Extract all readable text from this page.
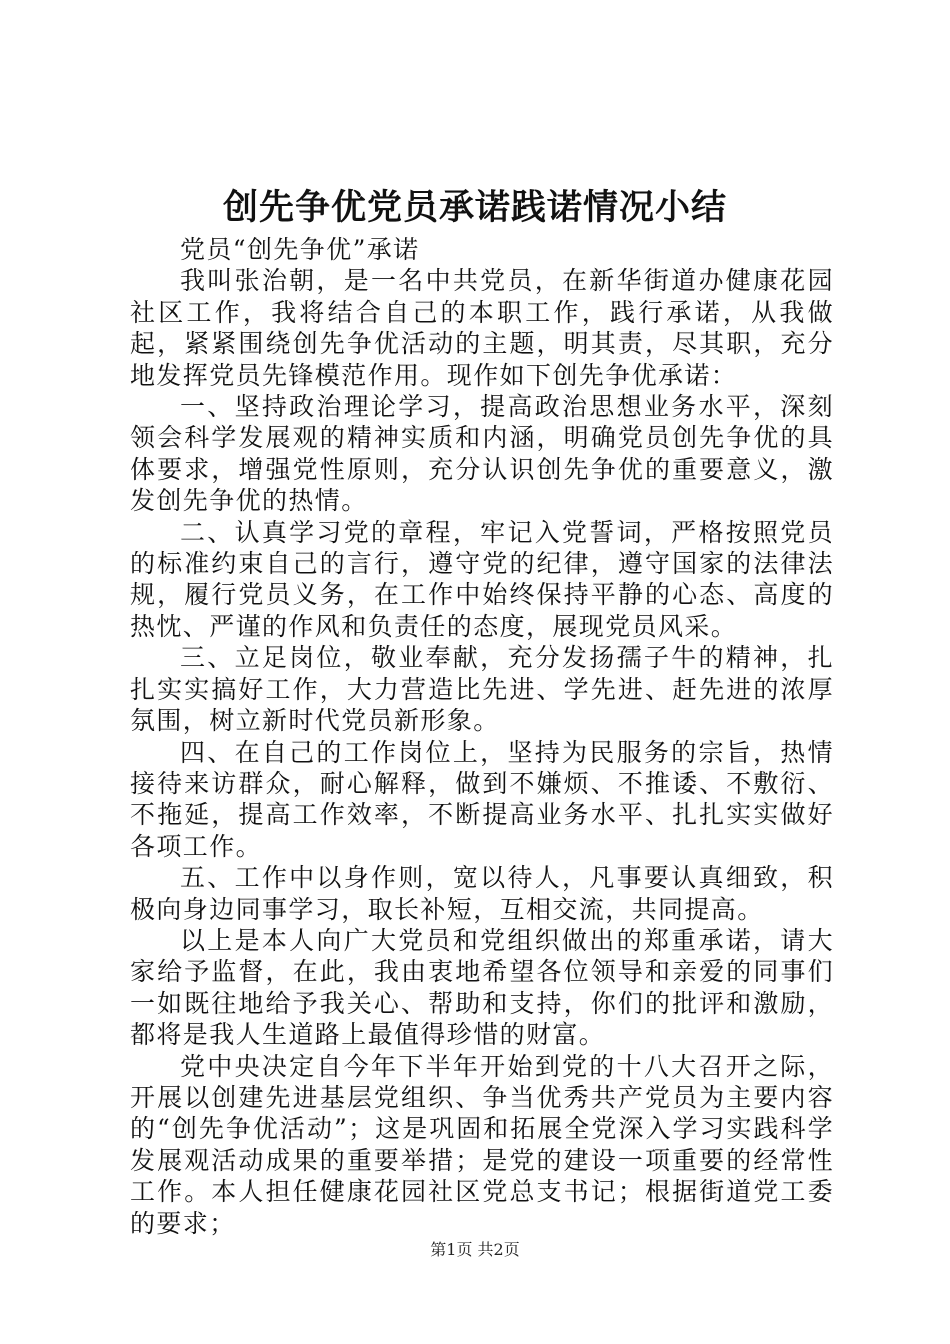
创先争优党员承诺践诺情况小结

党员“创先争优”承诺

我叫张治朝，是一名中共党员，在新华街道办健康花园社区工作，我将结合自己的本职工作，践行承诺，从我做起，紧紧围绕创先争优活动的主题，明其责，尽其职，充分地发挥党员先锋模范作用。现作如下创先争优承诺：

一、坚持政治理论学习，提高政治思想业务水平，深刻领会科学发展观的精神实质和内涵，明确党员创先争优的具体要求，增强党性原则，充分认识创先争优的重要意义，激发创先争优的热情。

二、认真学习党的章程，牢记入党誓词，严格按照党员的标准约束自己的言行，遵守党的纪律，遵守国家的法律法规，履行党员义务，在工作中始终保持平静的心态、高度的热忱、严谨的作风和负责任的态度，展现党员风采。

三、立足岗位，敬业奉献，充分发扬孺子牛的精神，扎扎实实搞好工作，大力营造比先进、学先进、赶先进的浓厚氛围，树立新时代党员新形象。

四、在自己的工作岗位上，坚持为民服务的宗旨，热情接待来访群众，耐心解释，做到不嫌烦、不推诿、不敷衍、不拖延，提高工作效率，不断提高业务水平、扎扎实实做好各项工作。

五、工作中以身作则，宽以待人，凡事要认真细致，积极向身边同事学习，取长补短，互相交流，共同提高。

以上是本人向广大党员和党组织做出的郑重承诺，请大家给予监督，在此，我由衷地希望各位领导和亲爱的同事们一如既往地给予我关心、帮助和支持，你们的批评和激励，都将是我人生道路上最值得珍惜的财富。

党中央决定自今年下半年开始到党的十八大召开之际，开展以创建先进基层党组织、争当优秀共产党员为主要内容的“创先争优活动”；这是巩固和拓展全党深入学习实践科学发展观活动成果的重要举措；是党的建设一项重要的经常性工作。本人担任健康花园社区党总支书记；根据街道党工委的要求；

第1页 共2页
